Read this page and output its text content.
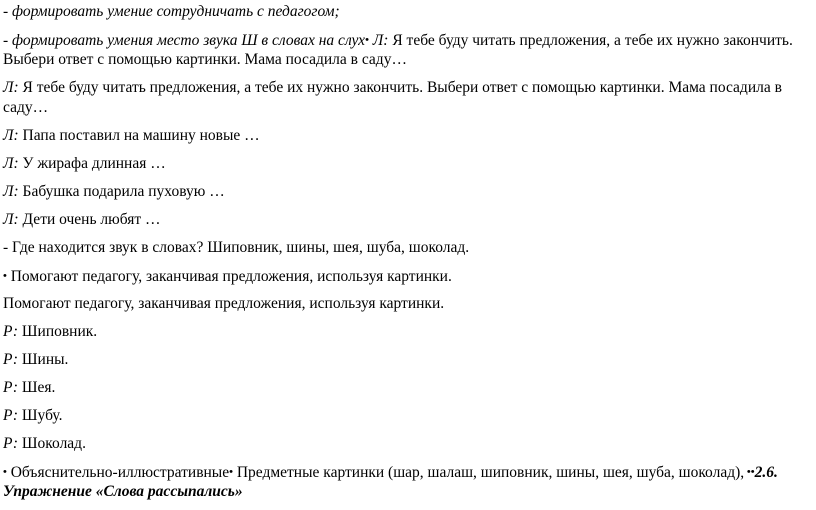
- формировать умение сотрудничать с педагогом;
- формировать умения место звука Ш в словах на слух• Л: Я тебе буду читать предложения, а тебе их нужно закончить.
Выбери ответ с помощью картинки. Мама посадила в саду…
Л: Я тебе буду читать предложения, а тебе их нужно закончить. Выбери ответ с помощью картинки. Мама посадила в
саду…
Л: Папа поставил на машину новые …
Л: У жирафа длинная …
Л: Бабушка подарила пуховую …
Л: Дети очень любят …
- Где находится звук в словах? Шиповник, шины, шея, шуба, шоколад.
• Помогают педагогу, заканчивая предложения, используя картинки.
Помогают педагогу, заканчивая предложения, используя картинки.
Р: Шиповник.
Р: Шины.
Р: Шея.
Р: Шубу.
Р: Шоколад.
• Объяснительно-иллюстративные• Предметные картинки (шар, шалаш, шиповник, шины, шея, шуба, шоколад), ••2.6.
Упражнение «Слова рассыпались»
